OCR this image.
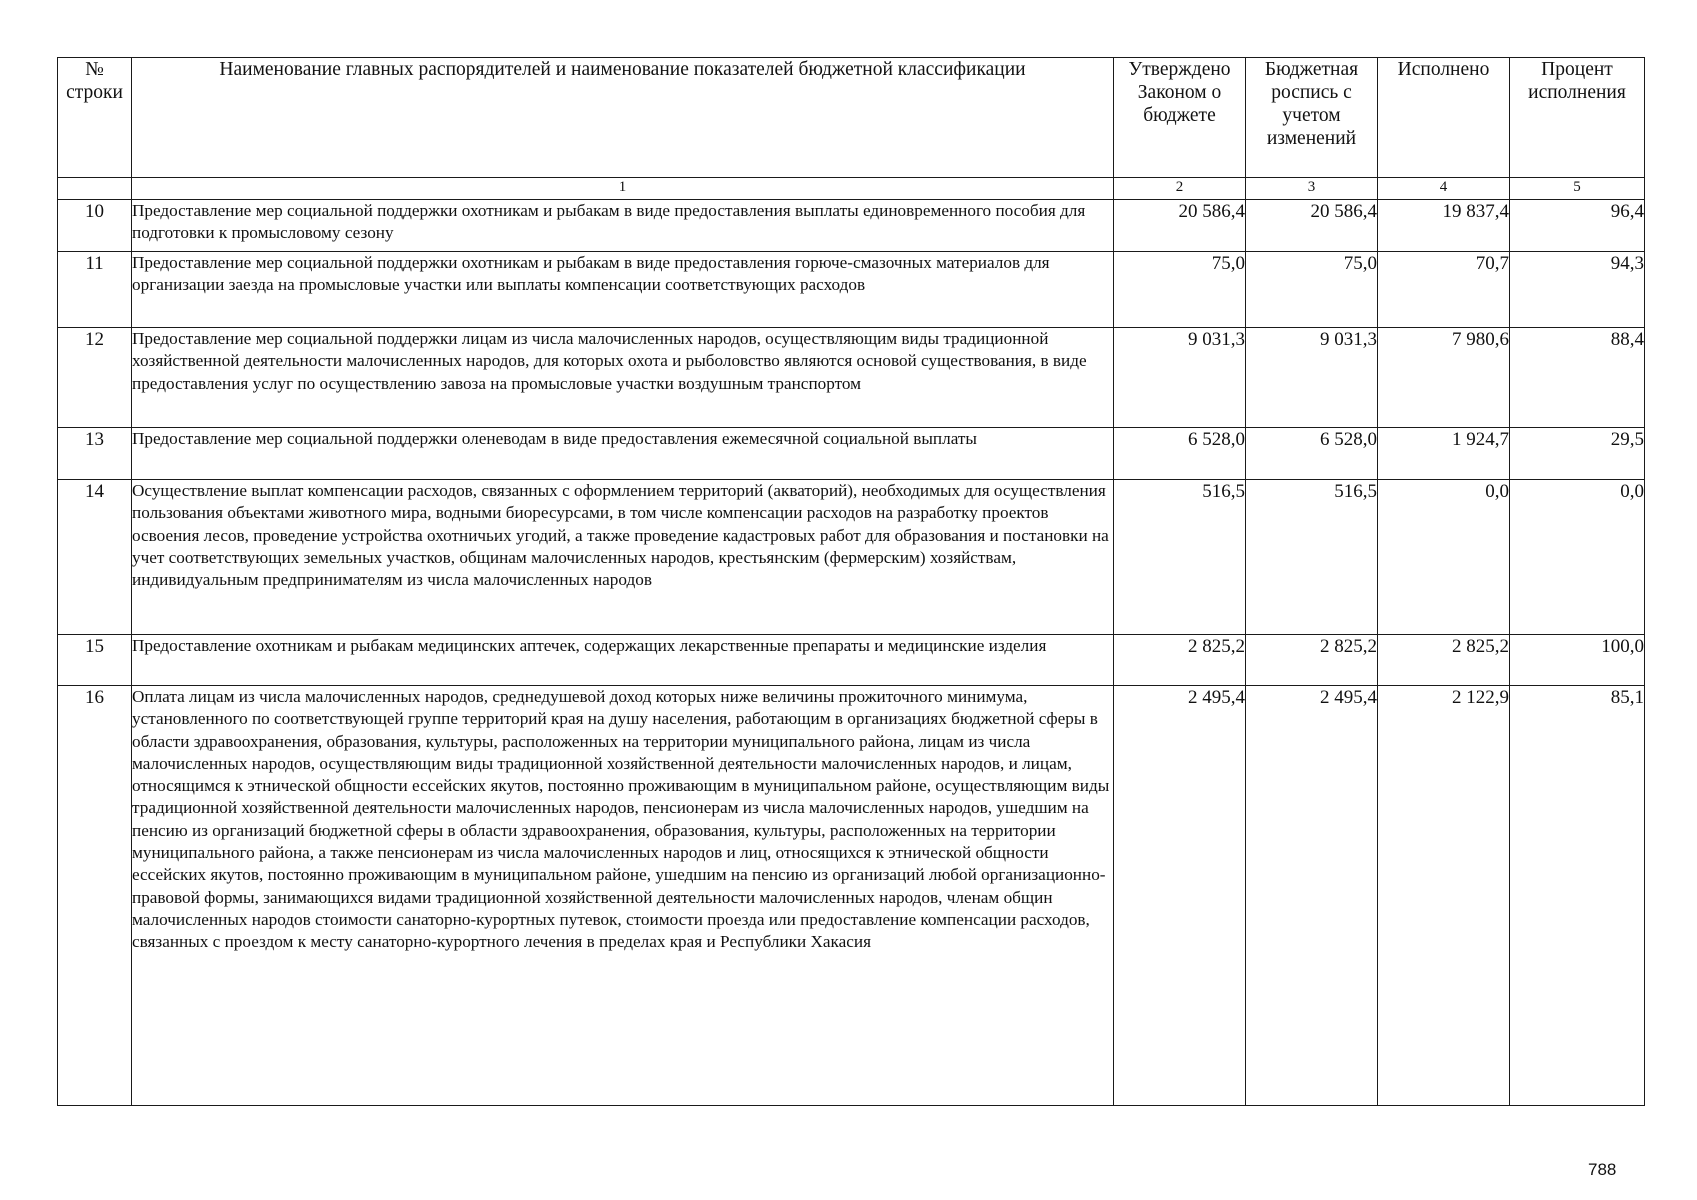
№ строки	Наименование главных распорядителей и наименование показателей бюджетной классификации	Утверждено Законом о бюджете	Бюджетная роспись с учетом изменений	Исполнено	Процент исполнения
	1	2	3	4	5
10	Предоставление мер социальной поддержки охотникам и рыбакам в виде предоставления выплаты единовременного пособия для подготовки к промысловому сезону	20 586,4	20 586,4	19 837,4	96,4
11	Предоставление мер социальной поддержки охотникам и рыбакам в виде предоставления горюче-смазочных материалов для организации заезда на промысловые участки или выплаты компенсации соответствующих расходов	75,0	75,0	70,7	94,3
12	Предоставление мер социальной поддержки лицам из числа малочисленных народов, осуществляющим виды традиционной хозяйственной деятельности малочисленных народов, для которых охота и рыболовство являются основой существования, в виде предоставления услуг по осуществлению завоза на промысловые участки воздушным транспортом	9 031,3	9 031,3	7 980,6	88,4
13	Предоставление мер социальной поддержки оленеводам в виде предоставления ежемесячной социальной выплаты	6 528,0	6 528,0	1 924,7	29,5
14	Осуществление выплат компенсации расходов, связанных с оформлением территорий (акваторий), необходимых для осуществления пользования объектами животного мира, водными биоресурсами, в том числе компенсации расходов на разработку проектов освоения лесов, проведение устройства охотничьих угодий, а также проведение кадастровых работ для образования и постановки на учет соответствующих земельных участков, общинам малочисленных народов, крестьянским (фермерским) хозяйствам, индивидуальным предпринимателям из числа малочисленных народов	516,5	516,5	0,0	0,0
15	Предоставление охотникам и рыбакам медицинских аптечек, содержащих лекарственные препараты и медицинские изделия	2 825,2	2 825,2	2 825,2	100,0
16	Оплата лицам из числа малочисленных народов, среднедушевой доход которых ниже величины прожиточного минимума, установленного по соответствующей группе территорий края на душу населения, работающим в организациях бюджетной сферы в области здравоохранения, образования, культуры, расположенных на территории муниципального района, лицам из числа малочисленных народов, осуществляющим виды традиционной хозяйственной деятельности малочисленных народов, и лицам, относящимся к этнической общности ессейских якутов, постоянно проживающим в муниципальном районе, осуществляющим виды традиционной хозяйственной деятельности малочисленных народов, пенсионерам из числа малочисленных народов, ушедшим на пенсию из организаций бюджетной сферы в области здравоохранения, образования, культуры, расположенных на территории муниципального района, а также пенсионерам из числа малочисленных народов и лиц, относящихся к этнической общности ессейских якутов, постоянно проживающим в муниципальном районе, ушедшим на пенсию из организаций любой организационно-правовой формы, занимающихся видами традиционной хозяйственной деятельности малочисленных народов, членам общин малочисленных народов стоимости санаторно-курортных путевок, стоимости проезда или предоставление компенсации расходов, связанных с проездом к месту санаторно-курортного лечения в пределах края и Республики Хакасия	2 495,4	2 495,4	2 122,9	85,1
788
